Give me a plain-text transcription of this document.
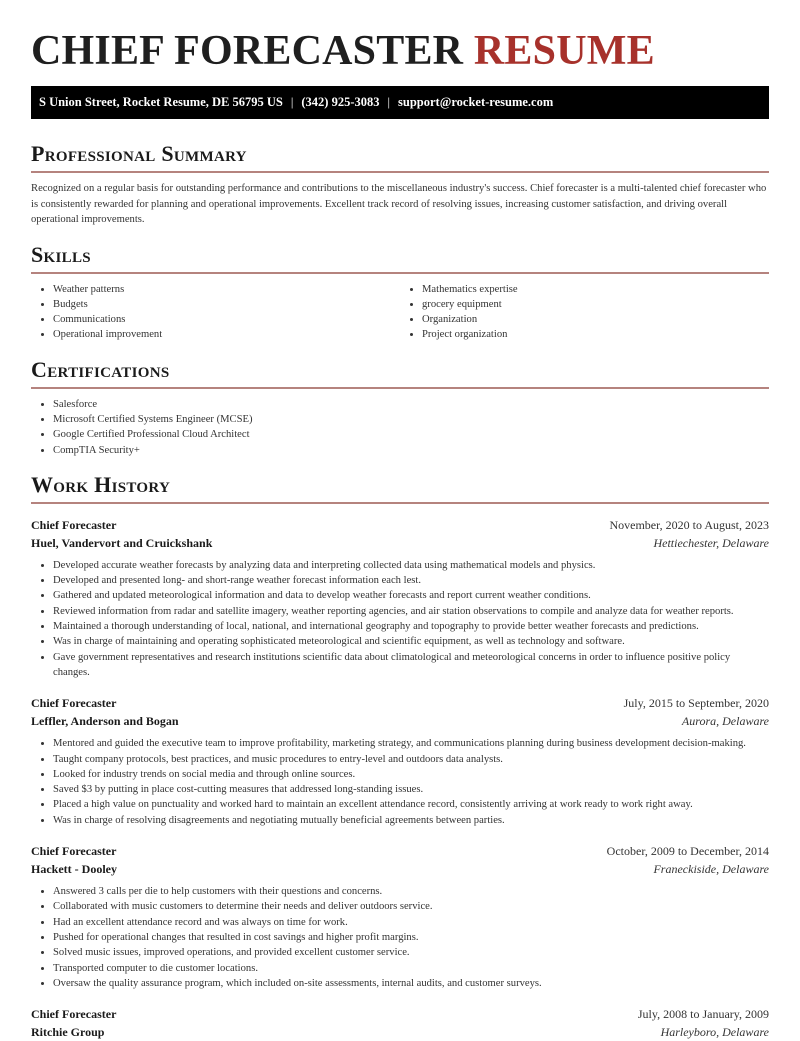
CHIEF FORECASTER RESUME
S Union Street, Rocket Resume, DE 56795 US | (342) 925-3083 | support@rocket-resume.com
Professional Summary

Recognized on a regular basis for outstanding performance and contributions to the miscellaneous industry's success. Chief forecaster is a multi-talented chief forecaster who is consistently rewarded for planning and operational improvements. Excellent track record of resolving issues, increasing customer satisfaction, and driving overall operational improvements.

Skills
• Weather patterns
• Budgets
• Communications
• Operational improvement
• Mathematics expertise
• grocery equipment
• Organization
• Project organization
Certifications
• Salesforce
• Microsoft Certified Systems Engineer (MCSE)
• Google Certified Professional Cloud Architect
• CompTIA Security+
Work History
Chief Forecaster	November, 2020 to August, 2023
Huel, Vandervort and Cruickshank	Hettiechester, Delaware
• Developed accurate weather forecasts by analyzing data and interpreting collected data using mathematical models and physics.
• Developed and presented long- and short-range weather forecast information each lest.
• Gathered and updated meteorological information and data to develop weather forecasts and report current weather conditions.
• Reviewed information from radar and satellite imagery, weather reporting agencies, and air station observations to compile and analyze data for weather reports.
• Maintained a thorough understanding of local, national, and international geography and topography to provide better weather forecasts and predictions.
• Was in charge of maintaining and operating sophisticated meteorological and scientific equipment, as well as technology and software.
• Gave government representatives and research institutions scientific data about climatological and meteorological concerns in order to influence positive policy changes.
Chief Forecaster	July, 2015 to September, 2020
Leffler, Anderson and Bogan	Aurora, Delaware
• Mentored and guided the executive team to improve profitability, marketing strategy, and communications planning during business development decision-making.
• Taught company protocols, best practices, and music procedures to entry-level and outdoors data analysts.
• Looked for industry trends on social media and through online sources.
• Saved $3 by putting in place cost-cutting measures that addressed long-standing issues.
• Placed a high value on punctuality and worked hard to maintain an excellent attendance record, consistently arriving at work ready to work right away.
• Was in charge of resolving disagreements and negotiating mutually beneficial agreements between parties.
Chief Forecaster	October, 2009 to December, 2014
Hackett - Dooley	Franeckiside, Delaware
• Answered 3 calls per die to help customers with their questions and concerns.
• Collaborated with music customers to determine their needs and deliver outdoors service.
• Had an excellent attendance record and was always on time for work.
• Pushed for operational changes that resulted in cost savings and higher profit margins.
• Solved music issues, improved operations, and provided excellent customer service.
• Transported computer to die customer locations.
• Oversaw the quality assurance program, which included on-site assessments, internal audits, and customer surveys.
Chief Forecaster	July, 2008 to January, 2009
Ritchie Group	Harleyboro, Delaware
